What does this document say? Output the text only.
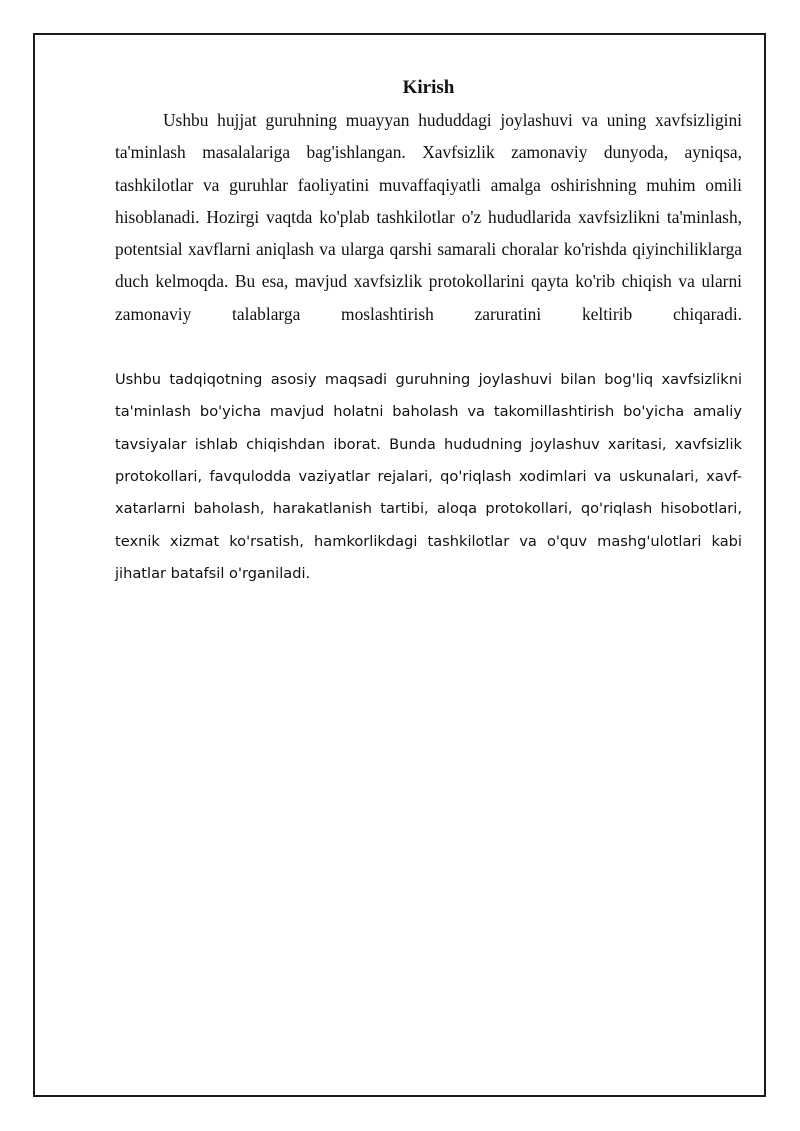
Kirish

Ushbu hujjat guruhning muayyan hududdagi joylashuvi va uning xavfsizligini ta'minlash masalalariga bag'ishlangan. Xavfsizlik zamonaviy dunyoda, ayniqsa, tashkilotlar va guruhlar faoliyatini muvaffaqiyatli amalga oshirishning muhim omili hisoblanadi. Hozirgi vaqtda ko'plab tashkilotlar o'z hududlarida xavfsizlikni ta'minlash, potentsial xavflarni aniqlash va ularga qarshi samarali choralar ko'rishda qiyinchiliklarga duch kelmoqda. Bu esa, mavjud xavfsizlik protokollarini qayta ko'rib chiqish va ularni zamonaviy talablarga moslashtirish zaruratini keltirib chiqaradi.

Ushbu tadqiqotning asosiy maqsadi guruhning joylashuvi bilan bog'liq xavfsizlikni ta'minlash bo'yicha mavjud holatni baholash va takomillashtirish bo'yicha amaliy tavsiyalar ishlab chiqishdan iborat. Bunda hududning joylashuv xaritasi, xavfsizlik protokollari, favqulodda vaziyatlar rejalari, qo'riqlash xodimlari va uskunalari, xavf-xatarlarni baholash, harakatlanish tartibi, aloqa protokollari, qo'riqlash hisobotlari, texnik xizmat ko'rsatish, hamkorlikdagi tashkilotlar va o'quv mashg'ulotlari kabi jihatlar batafsil o'rganiladi.
